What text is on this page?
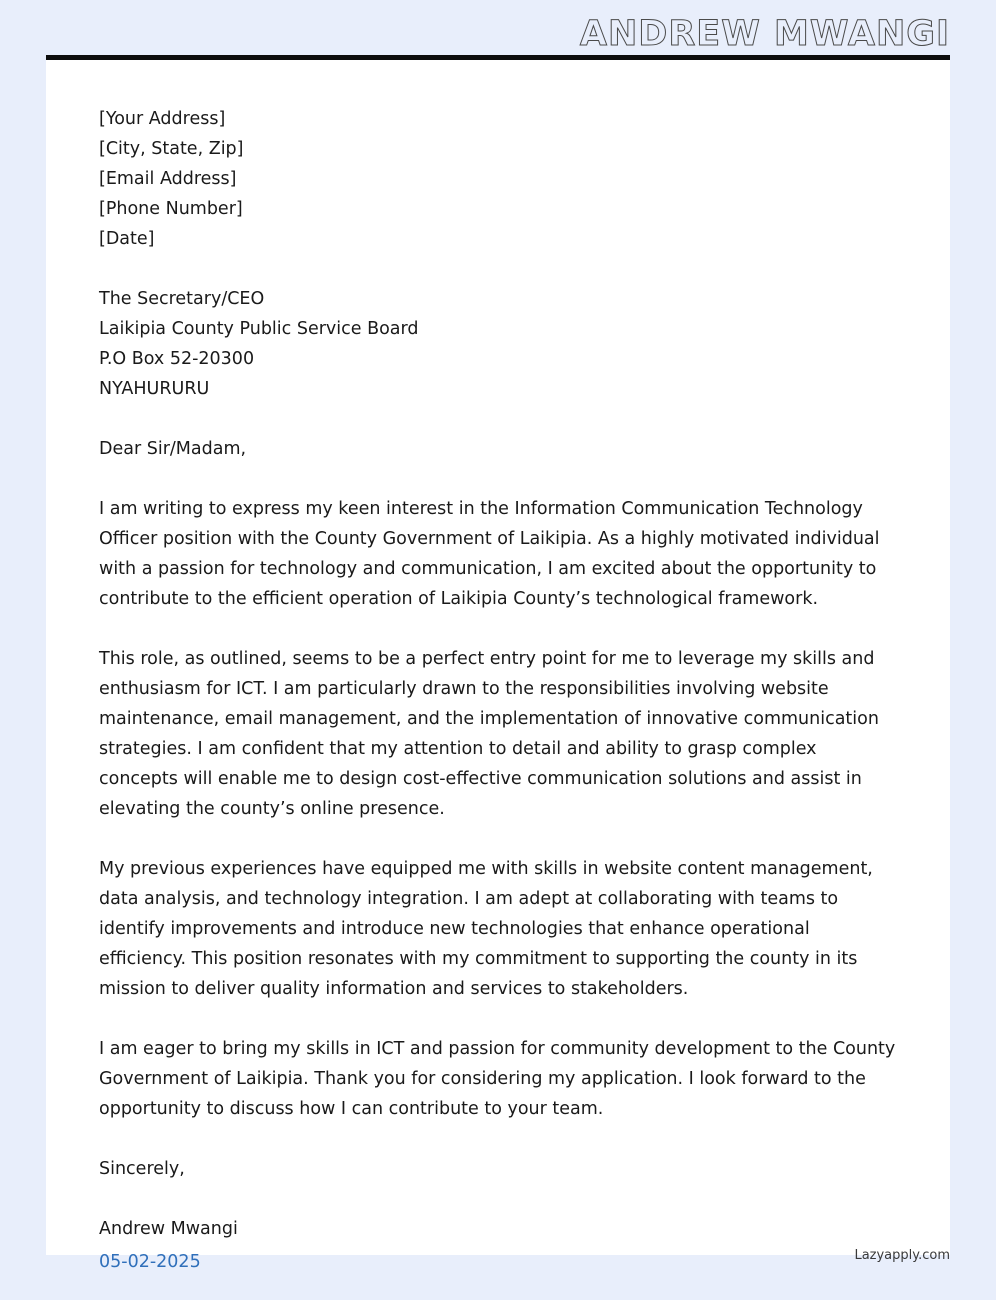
ANDREW MWANGI
[Your Address]
[City, State, Zip]
[Email Address]
[Phone Number]
[Date]
The Secretary/CEO
Laikipia County Public Service Board
P.O Box 52-20300
NYAHURURU
Dear Sir/Madam,

I am writing to express my keen interest in the Information Communication Technology Officer position with the County Government of Laikipia. As a highly motivated individual with a passion for technology and communication, I am excited about the opportunity to contribute to the efficient operation of Laikipia County’s technological framework.

This role, as outlined, seems to be a perfect entry point for me to leverage my skills and enthusiasm for ICT. I am particularly drawn to the responsibilities involving website maintenance, email management, and the implementation of innovative communication strategies. I am confident that my attention to detail and ability to grasp complex concepts will enable me to design cost-effective communication solutions and assist in elevating the county’s online presence.

My previous experiences have equipped me with skills in website content management, data analysis, and technology integration. I am adept at collaborating with teams to identify improvements and introduce new technologies that enhance operational efficiency. This position resonates with my commitment to supporting the county in its mission to deliver quality information and services to stakeholders.

I am eager to bring my skills in ICT and passion for community development to the County Government of Laikipia. Thank you for considering my application. I look forward to the opportunity to discuss how I can contribute to your team.

Sincerely,
Andrew Mwangi
05-02-2025	Lazyapply.com
